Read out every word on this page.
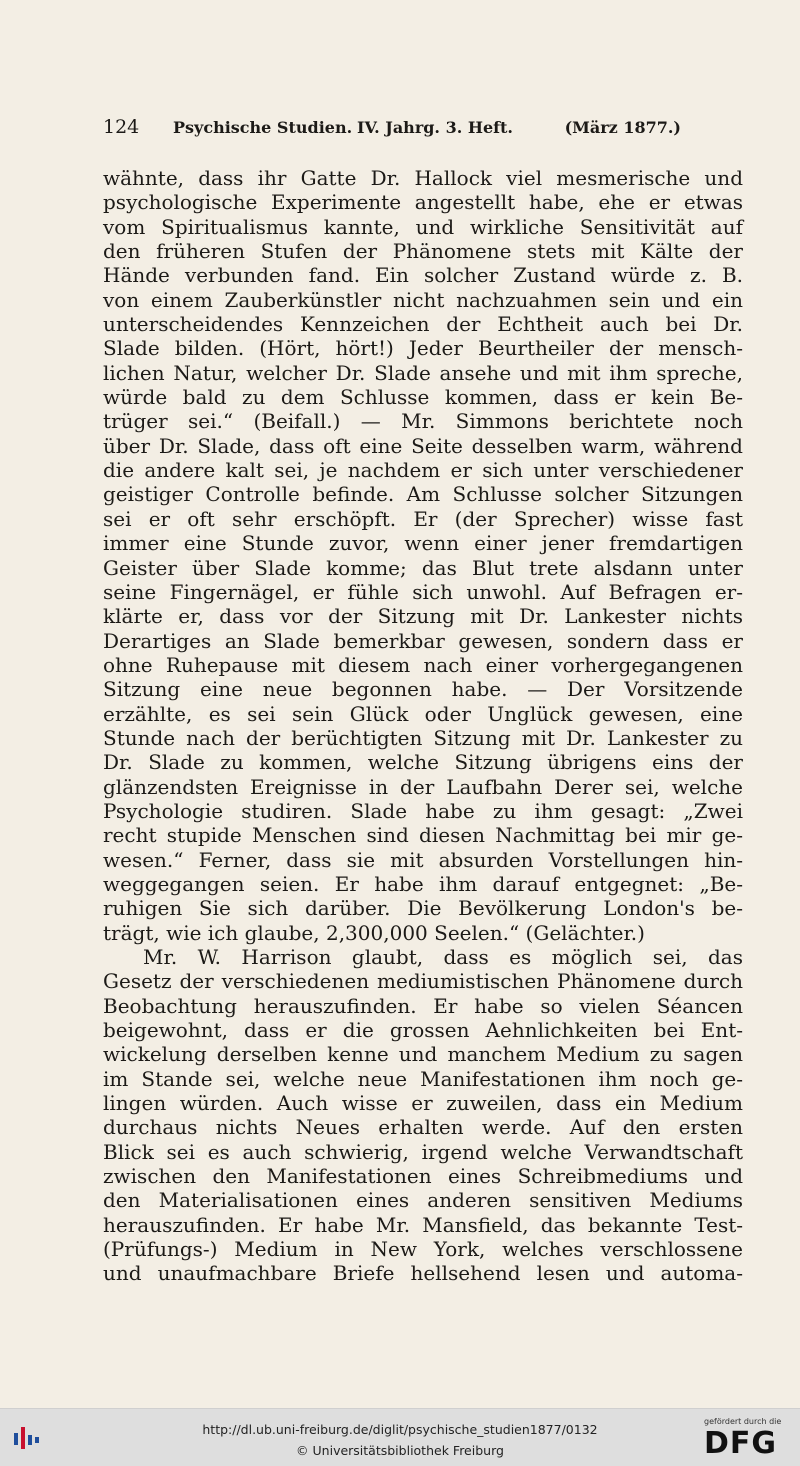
124 Psychische Studien. IV. Jahrg. 3. Heft.	(März 1877.)
wähnte, dass ihr Gatte Dr. Hallock viel mesmerische und
psychologische Experimente angestellt habe, ehe er etwas
vom Spiritualismus kannte, und wirkliche Sensitivität auf
den früheren Stufen der Phänomene stets mit Kälte der
Hände verbunden fand. Ein solcher Zustand würde z. B.
von einem Zauberkünstler nicht nachzuahmen sein und ein
unterscheidendes Kennzeichen der Echtheit auch bei Dr.
Slade bilden. (Hört, hört!) Jeder Beurtheiler der mensch-
lichen Natur, welcher Dr. Slade ansehe und mit ihm spreche,
würde bald zu dem Schlusse kommen, dass er kein Be-
trüger sei.“ (Beifall.) — Mr. Simmons berichtete noch
über Dr. Slade, dass oft eine Seite desselben warm, während
die andere kalt sei, je nachdem er sich unter verschiedener
geistiger Controlle befinde. Am Schlusse solcher Sitzungen
sei er oft sehr erschöpft. Er (der Sprecher) wisse fast
immer eine Stunde zuvor, wenn einer jener fremdartigen
Geister über Slade komme; das Blut trete alsdann unter
seine Fingernägel, er fühle sich unwohl. Auf Befragen er-
klärte er, dass vor der Sitzung mit Dr. Lankester nichts
Derartiges an Slade bemerkbar gewesen, sondern dass er
ohne Ruhepause mit diesem nach einer vorhergegangenen
Sitzung eine neue begonnen habe. — Der Vorsitzende
erzählte, es sei sein Glück oder Unglück gewesen, eine
Stunde nach der berüchtigten Sitzung mit Dr. Lankester zu
Dr. Slade zu kommen, welche Sitzung übrigens eins der
glänzendsten Ereignisse in der Laufbahn Derer sei, welche
Psychologie studiren. Slade habe zu ihm gesagt: „Zwei
recht stupide Menschen sind diesen Nachmittag bei mir ge-
wesen.“ Ferner, dass sie mit absurden Vorstellungen hin-
weggegangen seien. Er habe ihm darauf entgegnet: „Be-
ruhigen Sie sich darüber. Die Bevölkerung London's be-
trägt, wie ich glaube, 2,300,000 Seelen.“ (Gelächter.)
Mr. W. Harrison glaubt, dass es möglich sei, das
Gesetz der verschiedenen mediumistischen Phänomene durch
Beobachtung herauszufinden. Er habe so vielen Séancen
beigewohnt, dass er die grossen Aehnlichkeiten bei Ent-
wickelung derselben kenne und manchem Medium zu sagen
im Stande sei, welche neue Manifestationen ihm noch ge-
lingen würden. Auch wisse er zuweilen, dass ein Medium
durchaus nichts Neues erhalten werde. Auf den ersten
Blick sei es auch schwierig, irgend welche Verwandtschaft
zwischen den Manifestationen eines Schreibmediums und
den Materialisationen eines anderen sensitiven Mediums
herauszufinden. Er habe Mr. Mansfield, das bekannte Test-
(Prüfungs-) Medium in New York, welches verschlossene
und unaufmachbare Briefe hellsehend lesen und automa-
http://dl.ub.uni-freiburg.de/diglit/psychische_studien1877/0132
© Universitätsbibliothek Freiburg
gefördert durch die
DFG
